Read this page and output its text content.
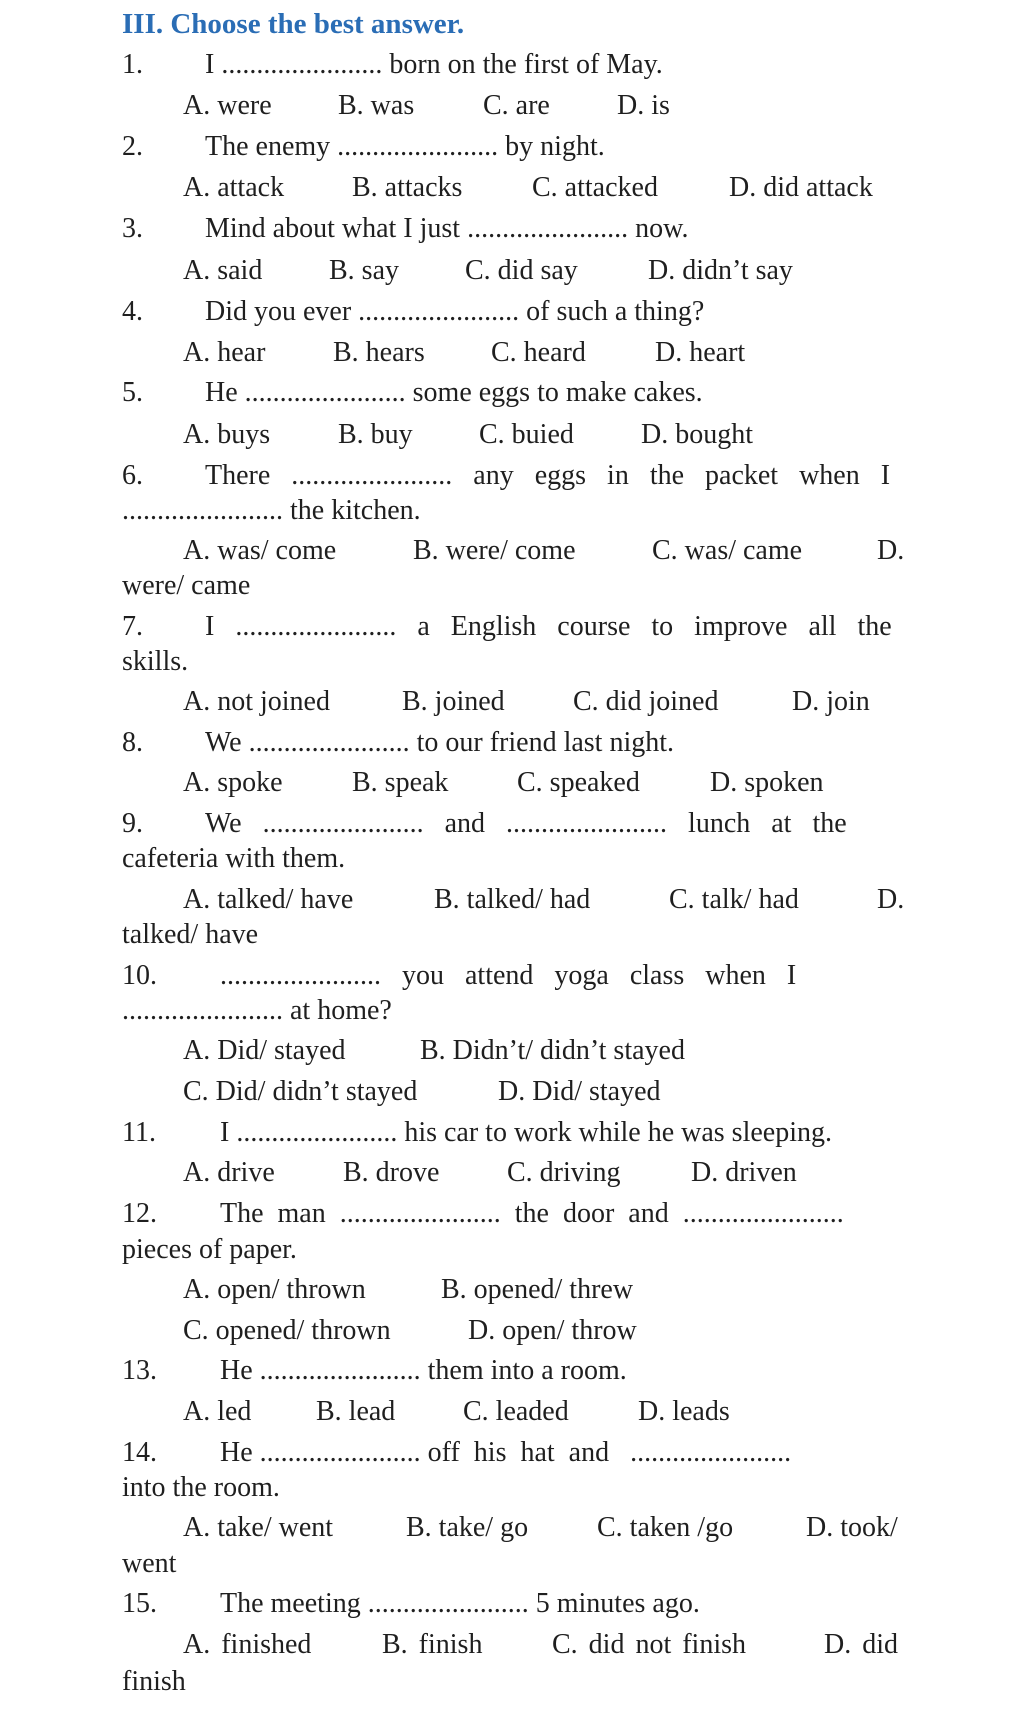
III. Choose the best answer.
1. I ....................... born on the first of May.
A. were B. was C. are D. is
2. The enemy ....................... by night.
A. attack B. attacks C. attacked	D. did attack
3. Mind about what I just ....................... now.
A. said B. say C. did say	D. didn’t say
4. Did you ever ....................... of such a thing?
A. hear B. hears C. heard D. heart
5. He ....................... some eggs to make cakes.
A. buys B. buy C. buied D. bought
6. There   .......................   any   eggs   in   the   packet   when   I
....................... the kitchen.
A. was/ come	B. were/ come	C. was/ came	D.
were/ came
7. I   .......................   a   English   course   to   improve   all   the
skills.
A. not joined	B. joined C. did joined	D. join
8. We ....................... to our friend last night.
A. spoke B. speak C. speaked	D. spoken
9. We   .......................   and   .......................   lunch   at   the
cafeteria with them.
A. talked/ have	B. talked/ had	C. talk/ had	D.
talked/ have
10. .......................   you   attend   yoga   class   when   I
....................... at home?
A. Did/ stayed	B. Didn’t/ didn’t stayed
C. Did/ didn’t stayed	D. Did/ stayed
11. I ....................... his car to work while he was sleeping.
A. drive B. drove C. driving	D. driven
12. The  man  .......................  the  door  and  .......................
pieces of paper.
A. open/ thrown	B. opened/ threw
C. opened/ thrown	D. open/ throw
13. He ....................... them into a room.
A. led B. lead C. leaded D. leads
14. He ....................... off  his  hat  and   .......................
into the room.
A. take/ went	B. take/ go C. taken /go	D. took/
went
15. The meeting ....................... 5 minutes ago.
A. finished	B. finish C. did not finish	D. did
finish
